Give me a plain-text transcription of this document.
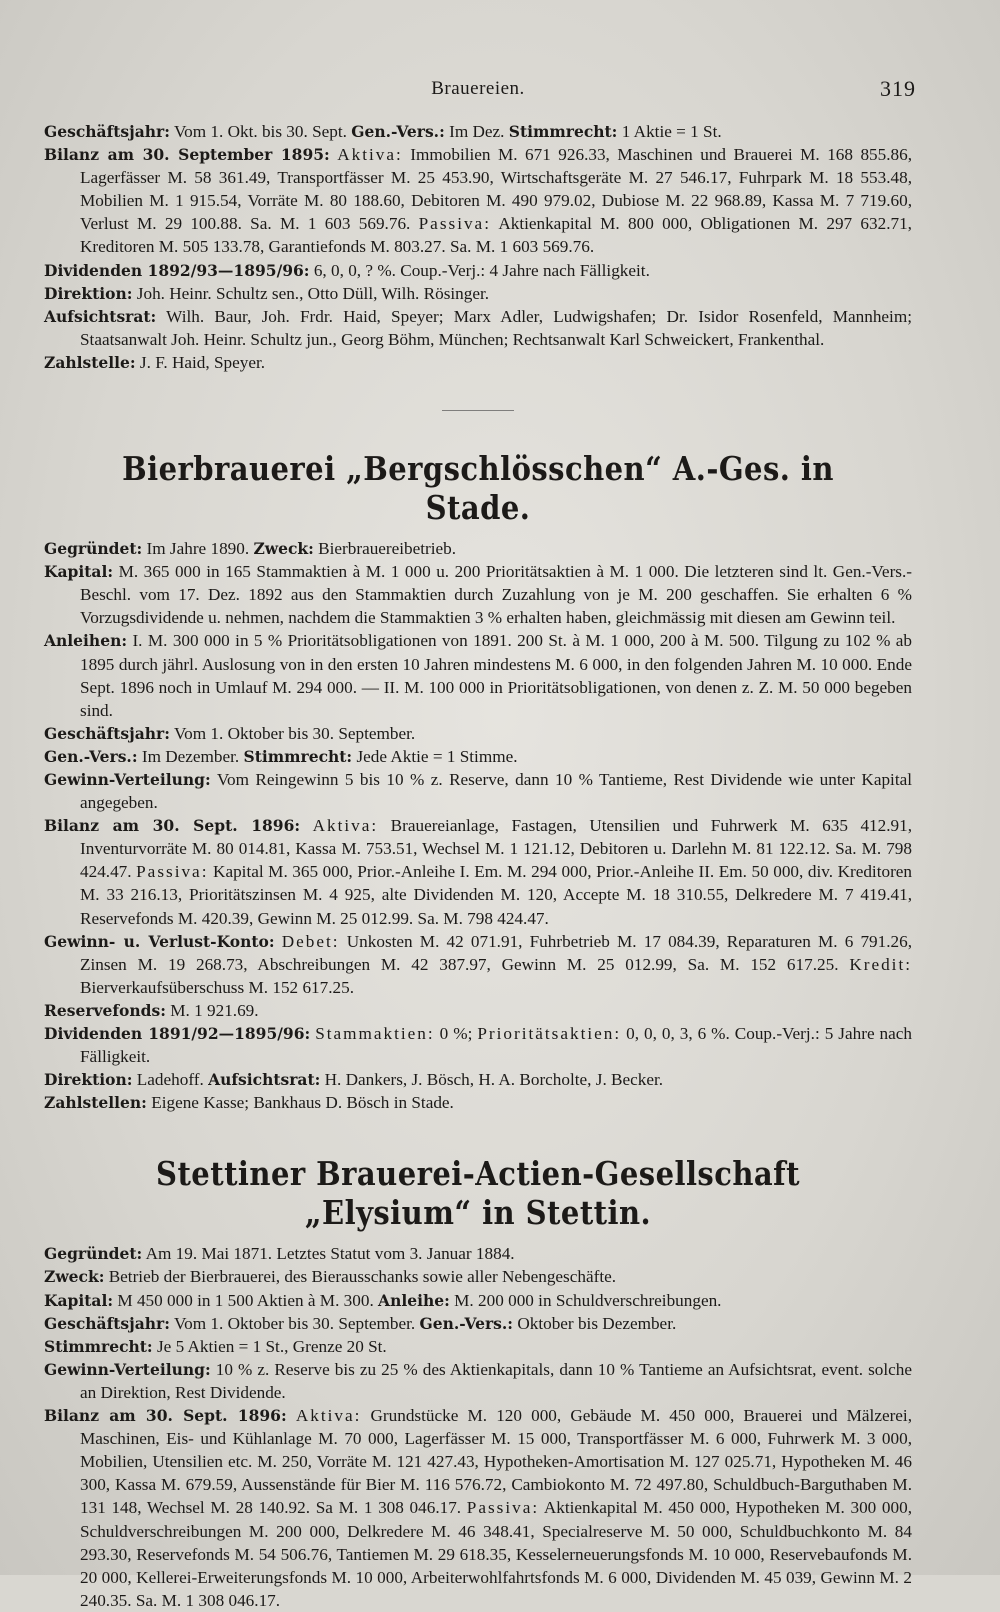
Brauereien.	319

Geschäftsjahr: Vom 1. Okt. bis 30. Sept. Gen.-Vers.: Im Dez. Stimmrecht: 1 Aktie = 1 St.

Bilanz am 30. September 1895: Aktiva: Immobilien M. 671 926.33, Maschinen und Brauerei M. 168 855.86, Lagerfässer M. 58 361.49, Transportfässer M. 25 453.90, Wirtschaftsgeräte M. 27 546.17, Fuhrpark M. 18 553.48, Mobilien M. 1 915.54, Vorräte M. 80 188.60, Debitoren M. 490 979.02, Dubiose M. 22 968.89, Kassa M. 7 719.60, Verlust M. 29 100.88. Sa. M. 1 603 569.76. Passiva: Aktienkapital M. 800 000, Obligationen M. 297 632.71, Kreditoren M. 505 133.78, Garantiefonds M. 803.27. Sa. M. 1 603 569.76.

Dividenden 1892/93—1895/96: 6, 0, 0, ? %. Coup.-Verj.: 4 Jahre nach Fälligkeit.

Direktion: Joh. Heinr. Schultz sen., Otto Düll, Wilh. Rösinger.

Aufsichtsrat: Wilh. Baur, Joh. Frdr. Haid, Speyer; Marx Adler, Ludwigshafen; Dr. Isidor Rosenfeld, Mannheim; Staatsanwalt Joh. Heinr. Schultz jun., Georg Böhm, München; Rechtsanwalt Karl Schweickert, Frankenthal.

Zahlstelle: J. F. Haid, Speyer.

Bierbrauerei „Bergschlösschen“ A.-Ges. in Stade.

Gegründet: Im Jahre 1890. Zweck: Bierbrauereibetrieb.

Kapital: M. 365 000 in 165 Stammaktien à M. 1 000 u. 200 Prioritätsaktien à M. 1 000. Die letzteren sind lt. Gen.-Vers.-Beschl. vom 17. Dez. 1892 aus den Stammaktien durch Zuzahlung von je M. 200 geschaffen. Sie erhalten 6 % Vorzugsdividende u. nehmen, nachdem die Stammaktien 3 % erhalten haben, gleichmässig mit diesen am Gewinn teil.

Anleihen: I. M. 300 000 in 5 % Prioritätsobligationen von 1891. 200 St. à M. 1 000, 200 à M. 500. Tilgung zu 102 % ab 1895 durch jährl. Auslosung von in den ersten 10 Jahren mindestens M. 6 000, in den folgenden Jahren M. 10 000. Ende Sept. 1896 noch in Umlauf M. 294 000. — II. M. 100 000 in Prioritätsobligationen, von denen z. Z. M. 50 000 begeben sind.

Geschäftsjahr: Vom 1. Oktober bis 30. September.

Gen.-Vers.: Im Dezember. Stimmrecht: Jede Aktie = 1 Stimme.

Gewinn-Verteilung: Vom Reingewinn 5 bis 10 % z. Reserve, dann 10 % Tantieme, Rest Dividende wie unter Kapital angegeben.

Bilanz am 30. Sept. 1896: Aktiva: Brauereianlage, Fastagen, Utensilien und Fuhrwerk M. 635 412.91, Inventurvorräte M. 80 014.81, Kassa M. 753.51, Wechsel M. 1 121.12, Debitoren u. Darlehn M. 81 122.12. Sa. M. 798 424.47. Passiva: Kapital M. 365 000, Prior.-Anleihe I. Em. M. 294 000, Prior.-Anleihe II. Em. 50 000, div. Kreditoren M. 33 216.13, Prioritätszinsen M. 4 925, alte Dividenden M. 120, Accepte M. 18 310.55, Delkredere M. 7 419.41, Reservefonds M. 420.39, Gewinn M. 25 012.99. Sa. M. 798 424.47.

Gewinn- u. Verlust-Konto: Debet: Unkosten M. 42 071.91, Fuhrbetrieb M. 17 084.39, Reparaturen M. 6 791.26, Zinsen M. 19 268.73, Abschreibungen M. 42 387.97, Gewinn M. 25 012.99, Sa. M. 152 617.25. Kredit: Bierverkaufsüberschuss M. 152 617.25.

Reservefonds: M. 1 921.69.

Dividenden 1891/92—1895/96: Stammaktien: 0 %; Prioritätsaktien: 0, 0, 0, 3, 6 %. Coup.-Verj.: 5 Jahre nach Fälligkeit.

Direktion: Ladehoff. Aufsichtsrat: H. Dankers, J. Bösch, H. A. Borcholte, J. Becker.

Zahlstellen: Eigene Kasse; Bankhaus D. Bösch in Stade.

Stettiner Brauerei-Actien-Gesellschaft „Elysium“ in Stettin.

Gegründet: Am 19. Mai 1871. Letztes Statut vom 3. Januar 1884.

Zweck: Betrieb der Bierbrauerei, des Bierausschanks sowie aller Nebengeschäfte.

Kapital: M 450 000 in 1 500 Aktien à M. 300. Anleihe: M. 200 000 in Schuldverschreibungen.

Geschäftsjahr: Vom 1. Oktober bis 30. September. Gen.-Vers.: Oktober bis Dezember.

Stimmrecht: Je 5 Aktien = 1 St., Grenze 20 St.

Gewinn-Verteilung: 10 % z. Reserve bis zu 25 % des Aktienkapitals, dann 10 % Tantieme an Aufsichtsrat, event. solche an Direktion, Rest Dividende.

Bilanz am 30. Sept. 1896: Aktiva: Grundstücke M. 120 000, Gebäude M. 450 000, Brauerei und Mälzerei, Maschinen, Eis- und Kühlanlage M. 70 000, Lagerfässer M. 15 000, Transportfässer M. 6 000, Fuhrwerk M. 3 000, Mobilien, Utensilien etc. M. 250, Vorräte M. 121 427.43, Hypotheken-Amortisation M. 127 025.71, Hypotheken M. 46 300, Kassa M. 679.59, Aussenstände für Bier M. 116 576.72, Cambiokonto M. 72 497.80, Schuldbuch-Barguthaben M. 131 148, Wechsel M. 28 140.92. Sa M. 1 308 046.17. Passiva: Aktienkapital M. 450 000, Hypotheken M. 300 000, Schuldverschreibungen M. 200 000, Delkredere M. 46 348.41, Specialreserve M. 50 000, Schuldbuchkonto M. 84 293.30, Reservefonds M. 54 506.76, Tantiemen M. 29 618.35, Kesselerneuerungsfonds M. 10 000, Reservebaufonds M. 20 000, Kellerei-Erweiterungsfonds M. 10 000, Arbeiterwohlfahrtsfonds M. 6 000, Dividenden M. 45 039, Gewinn M. 2 240.35. Sa. M. 1 308 046.17.
